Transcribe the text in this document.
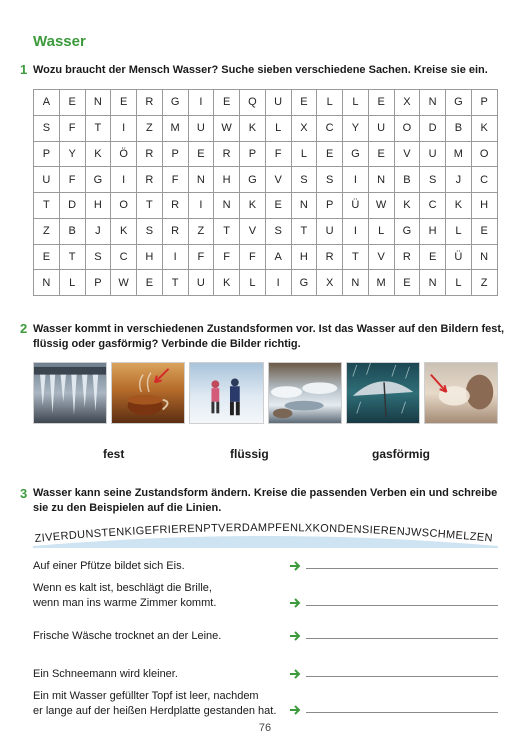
Wasser
1 Wozu braucht der Mensch Wasser? Suche sieben verschiedene Sachen. Kreise sie ein.
A	E	N	E	R	G	I	E	Q	U	E	L	L	E	X	N	G	P
S	F	T	I	Z	M	U	W	K	L	X	C	Y	U	O	D	B	K
P	Y	K	Ö	R	P	E	R	P	F	L	E	G	E	V	U	M	O
U	F	G	I	R	F	N	H	G	V	S	S	I	N	B	S	J	C
T	D	H	O	T	R	I	N	K	E	N	P	Ü	W	K	C	K	H
Z	B	J	K	S	R	Z	T	V	S	T	U	I	L	G	H	L	E
E	T	S	C	H	I	F	F	F	A	H	R	T	V	R	E	Ü	N
N	L	P	W	E	T	U	K	L	I	G	X	N	M	E	N	L	Z
2 Wasser kommt in verschiedenen Zustandsformen vor. Ist das Wasser auf den Bildern fest,
flüssig oder gasförmig? Verbinde die Bilder richtig.
fest	flüssig	gasförmig
3 Wasser kann seine Zustandsform ändern. Kreise die passenden Verben ein und schreibe
sie zu den Beispielen auf die Linien.
ZIVERDUNSTENKIGEFRIERENPTVERDAMPFENLXKONDENSIERENJWSCHMELZEN
Auf einer Pfütze bildet sich Eis.
Wenn es kalt ist, beschlägt die Brille,
wenn man ins warme Zimmer kommt.
Frische Wäsche trocknet an der Leine.
Ein Schneemann wird kleiner.
Ein mit Wasser gefüllter Topf ist leer, nachdem
er lange auf der heißen Herdplatte gestanden hat.
76
